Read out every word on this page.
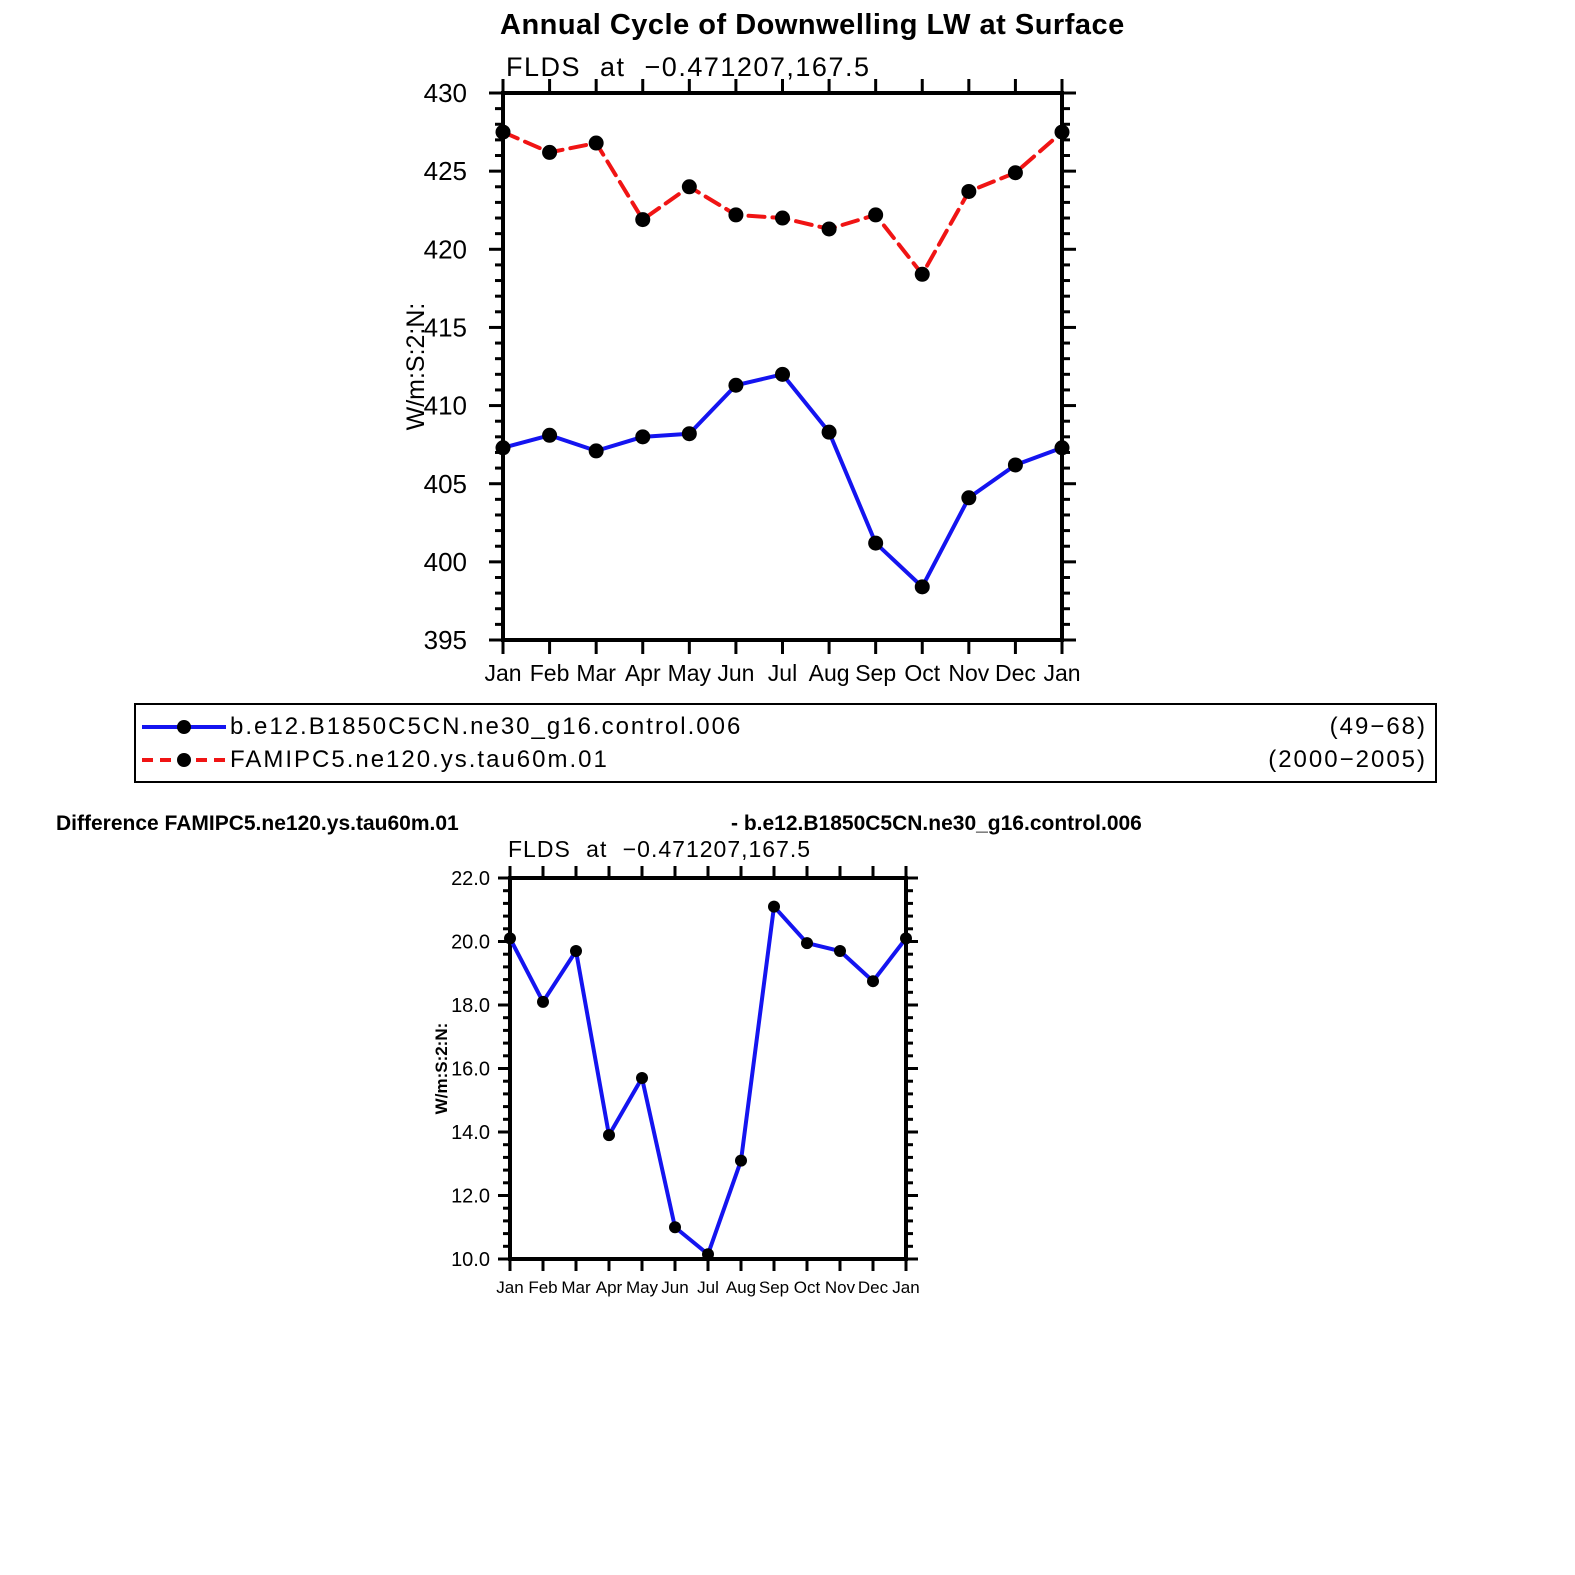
Annual Cycle of Downwelling LW at Surface
FLDS at −0.471207,167.5
Jan Feb Mar Apr May Jun Jul Aug Sep Oct Nov Dec Jan
395
400
405
410
415
420
425
430
W/m:S:2:N:
Jan Feb Mar Apr May Jun Jul Aug Sep Oct Nov Dec Jan
10.0
12.0
14.0
16.0
18.0
20.0
22.0
W/m:S:2:N:
b.e12.B1850C5CN.ne30_g16.control.006	(49−68)
FAMIPC5.ne120.ys.tau60m.01	(2000−2005)
Difference FAMIPC5.ne120.ys.tau60m.01	- b.e12.B1850C5CN.ne30_g16.control.006
FLDS at −0.471207,167.5
